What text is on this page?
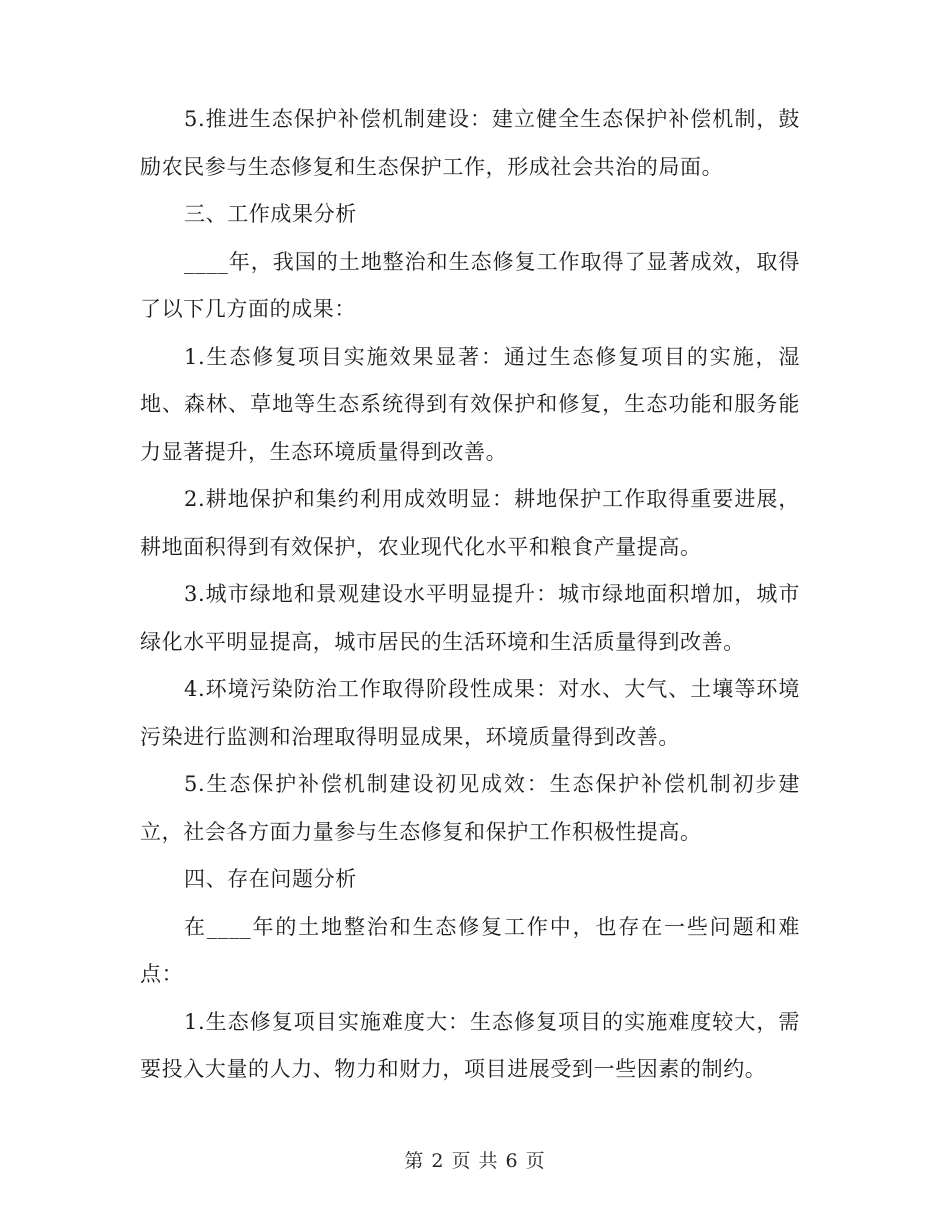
5.推进生态保护补偿机制建设：建立健全生态保护补偿机制，鼓励农民参与生态修复和生态保护工作，形成社会共治的局面。

三、工作成果分析

____年，我国的土地整治和生态修复工作取得了显著成效，取得了以下几方面的成果：

1.生态修复项目实施效果显著：通过生态修复项目的实施，湿地、森林、草地等生态系统得到有效保护和修复，生态功能和服务能力显著提升，生态环境质量得到改善。

2.耕地保护和集约利用成效明显：耕地保护工作取得重要进展，耕地面积得到有效保护，农业现代化水平和粮食产量提高。

3.城市绿地和景观建设水平明显提升：城市绿地面积增加，城市绿化水平明显提高，城市居民的生活环境和生活质量得到改善。

4.环境污染防治工作取得阶段性成果：对水、大气、土壤等环境污染进行监测和治理取得明显成果，环境质量得到改善。

5.生态保护补偿机制建设初见成效：生态保护补偿机制初步建立，社会各方面力量参与生态修复和保护工作积极性提高。

四、存在问题分析

在____年的土地整治和生态修复工作中，也存在一些问题和难点：

1.生态修复项目实施难度大：生态修复项目的实施难度较大，需要投入大量的人力、物力和财力，项目进展受到一些因素的制约。

第 2 页 共 6 页
